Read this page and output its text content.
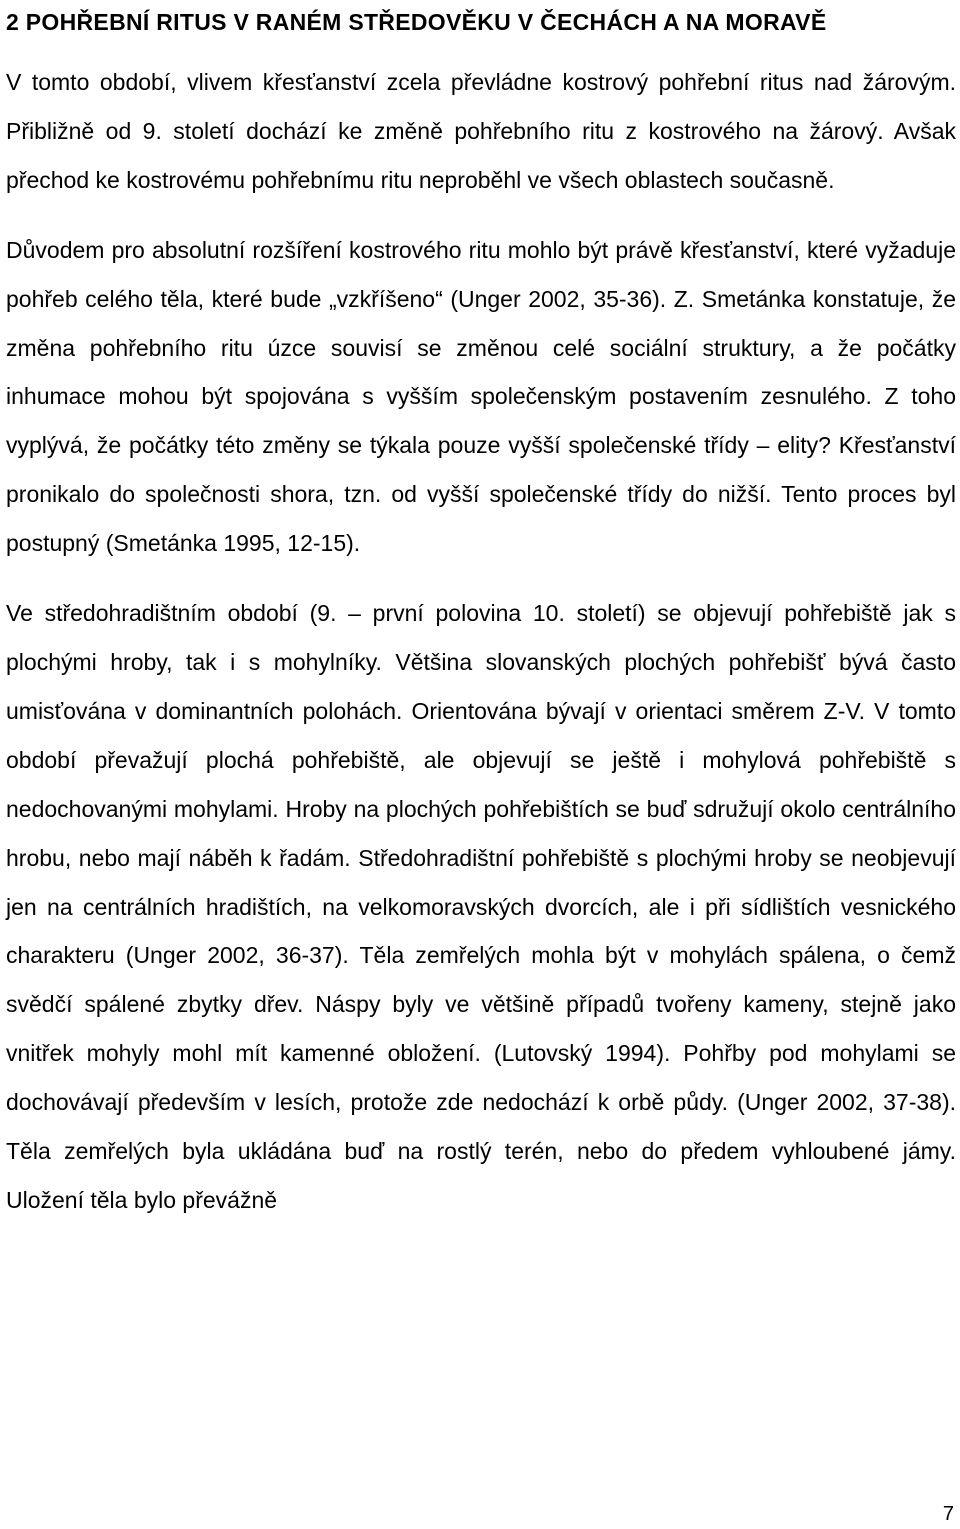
2 POHŘEBNÍ RITUS V RANÉM STŘEDOVĚKU V ČECHÁCH A NA MORAVĚ

V tomto období, vlivem křesťanství zcela převládne kostrový pohřební ritus nad žárovým. Přibližně od 9. století dochází ke změně pohřebního ritu z kostrového na žárový. Avšak přechod ke kostrovému pohřebnímu ritu neproběhl ve všech oblastech současně.

Důvodem pro absolutní rozšíření kostrového ritu mohlo být právě křesťanství, které vyžaduje pohřeb celého těla, které bude „vzkříšeno“ (Unger 2002, 35-36). Z. Smetánka konstatuje, že změna pohřebního ritu úzce souvisí se změnou celé sociální struktury, a že počátky inhumace mohou být spojována s vyšším společenským postavením zesnulého. Z toho vyplývá, že počátky této změny se týkala pouze vyšší společenské třídy – elity? Křesťanství pronikalo do společnosti shora, tzn. od vyšší společenské třídy do nižší. Tento proces byl postupný (Smetánka 1995, 12-15).

Ve středohradištním období (9. – první polovina 10. století) se objevují pohřebiště jak s plochými hroby, tak i s mohylníky. Většina slovanských plochých pohřebišť bývá často umisťována v dominantních polohách. Orientována bývají v orientaci směrem Z-V. V tomto období převažují plochá pohřebiště, ale objevují se ještě i mohylová pohřebiště s nedochovanými mohylami. Hroby na plochých pohřebištích se buď sdružují okolo centrálního hrobu, nebo mají náběh k řadám. Středohradištní pohřebiště s plochými hroby se neobjevují jen na centrálních hradištích, na velkomoravských dvorcích, ale i při sídlištích vesnického charakteru (Unger 2002, 36-37). Těla zemřelých mohla být v mohylách spálena, o čemž svědčí spálené zbytky dřev. Náspy byly ve většině případů tvořeny kameny, stejně jako vnitřek mohyly mohl mít kamenné obložení. (Lutovský 1994). Pohřby pod mohylami se dochovávají především v lesích, protože zde nedochází k orbě půdy. (Unger 2002, 37-38). Těla zemřelých byla ukládána buď na rostlý terén, nebo do předem vyhloubené jámy. Uložení těla bylo převážně

7
